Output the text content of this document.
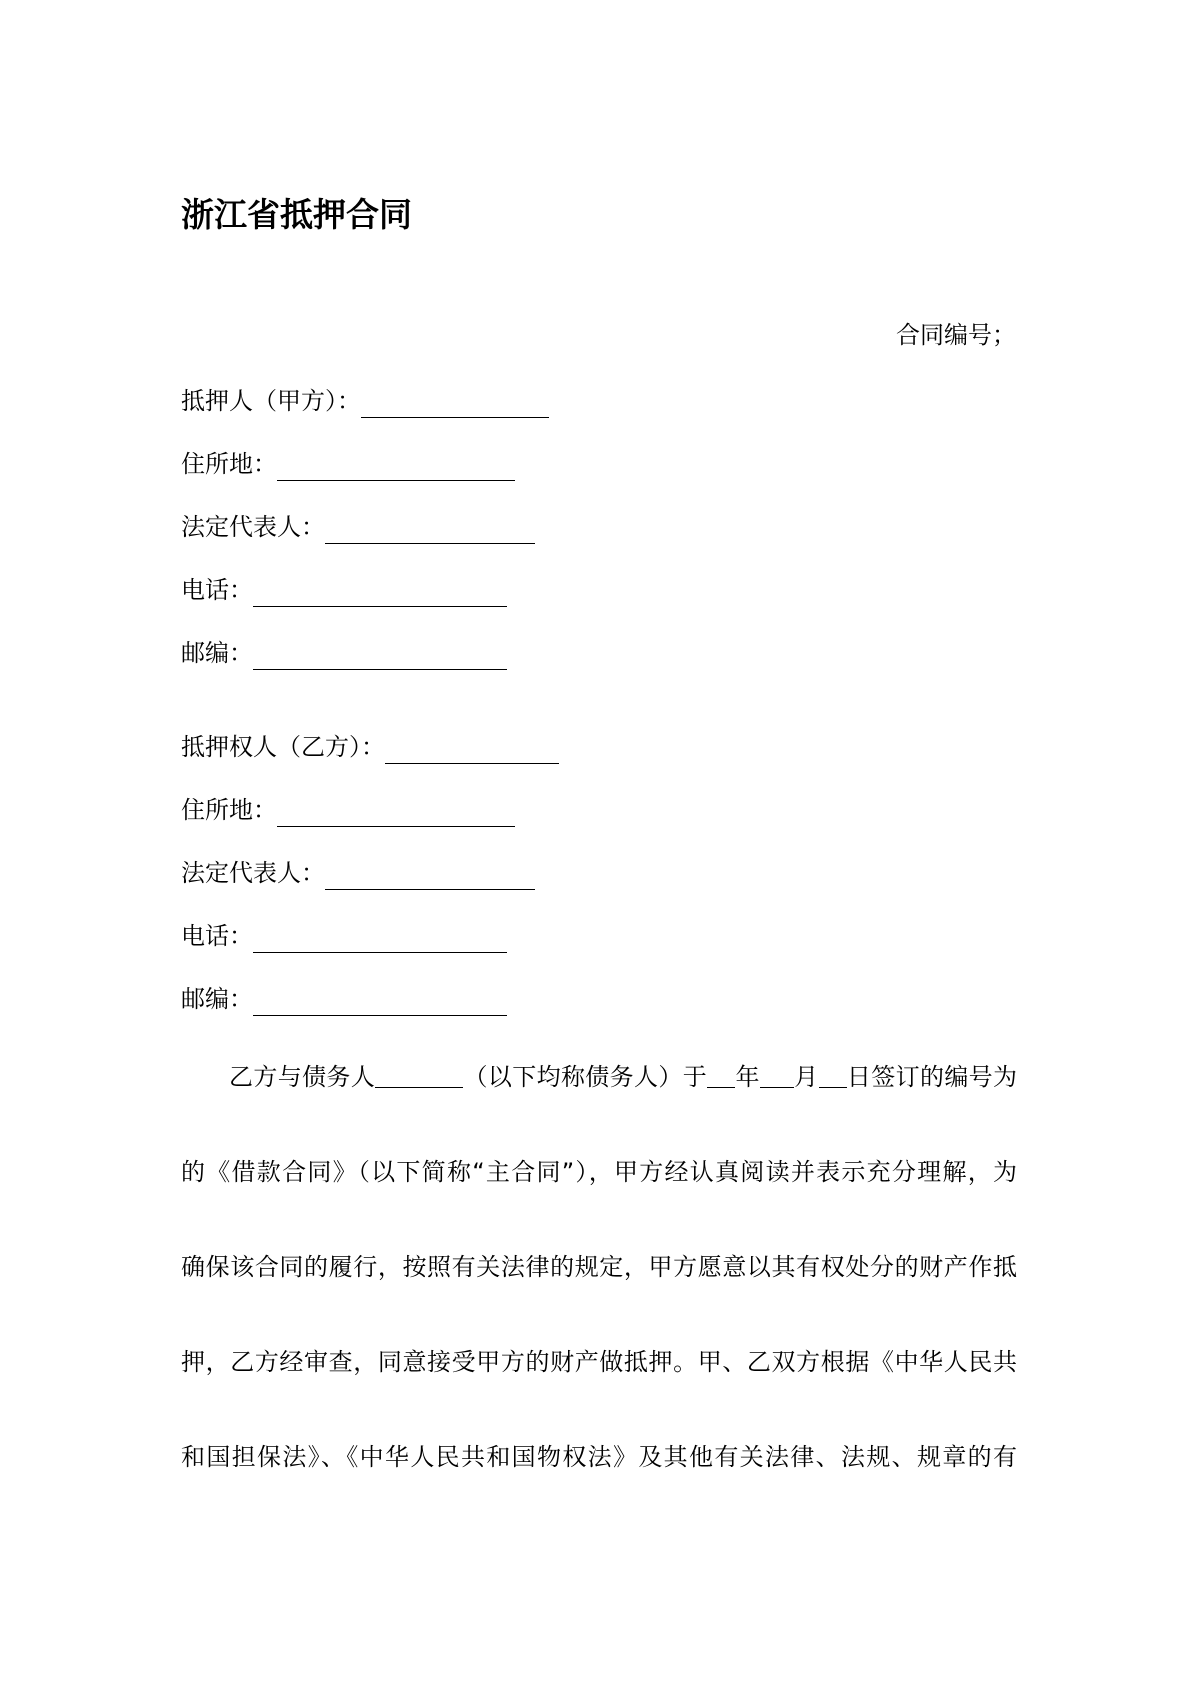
浙江省抵押合同
合同编号；
抵押人（甲方）：
住所地：
法定代表人：
电话：
邮编：
抵押权人（乙方）：
住所地：
法定代表人：
电话：
邮编：
乙方与债务人	（以下均称债务人）于 年 月 日签订的编号为
的《借款合同》（以下简称“主合同”），甲方经认真阅读并表示充分理解，为
确保该合同的履行，按照有关法律的规定，甲方愿意以其有权处分的财产作抵
押，乙方经审查，同意接受甲方的财产做抵押。甲、乙双方根据《中华人民共
和国担保法》、《中华人民共和国物权法》及其他有关法律、法规、规章的有
